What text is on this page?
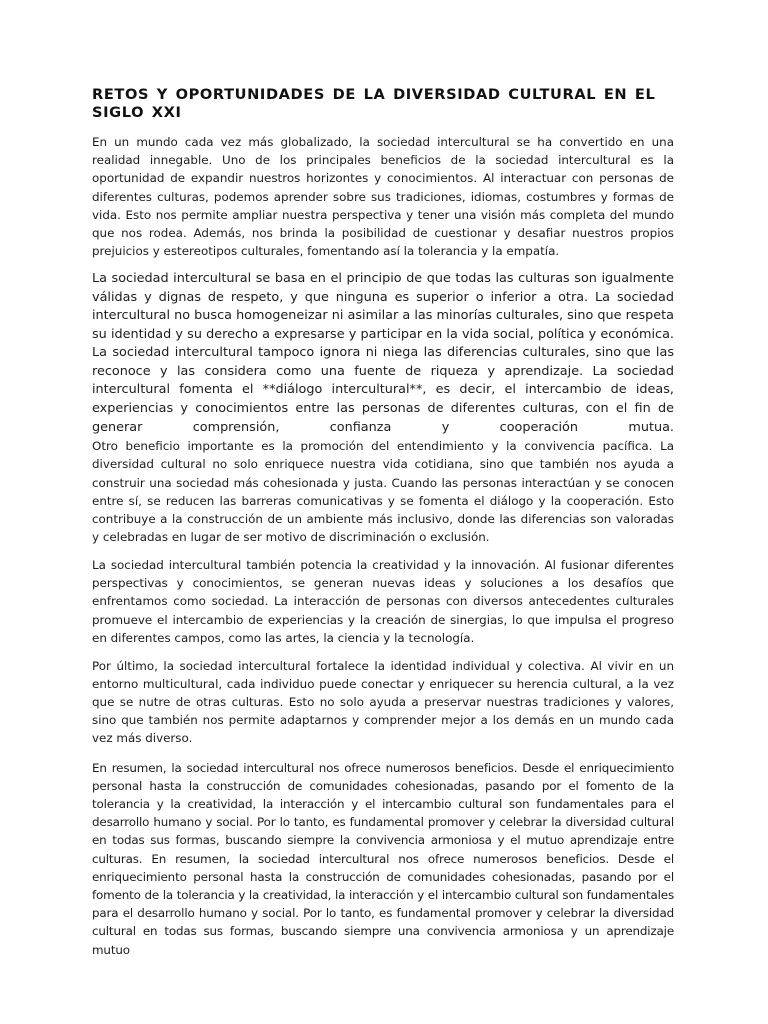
RETOS Y OPORTUNIDADES DE LA DIVERSIDAD CULTURAL EN EL SIGLO XXI

En un mundo cada vez más globalizado, la sociedad intercultural se ha convertido en una realidad innegable. Uno de los principales beneficios de la sociedad intercultural es la oportunidad de expandir nuestros horizontes y conocimientos. Al interactuar con personas de diferentes culturas, podemos aprender sobre sus tradiciones, idiomas, costumbres y formas de vida. Esto nos permite ampliar nuestra perspectiva y tener una visión más completa del mundo que nos rodea. Además, nos brinda la posibilidad de cuestionar y desafiar nuestros propios prejuicios y estereotipos culturales, fomentando así la tolerancia y la empatía.

La sociedad intercultural se basa en el principio de que todas las culturas son igualmente válidas y dignas de respeto, y que ninguna es superior o inferior a otra. La sociedad intercultural no busca homogeneizar ni asimilar a las minorías culturales, sino que respeta su identidad y su derecho a expresarse y participar en la vida social, política y económica. La sociedad intercultural tampoco ignora ni niega las diferencias culturales, sino que las reconoce y las considera como una fuente de riqueza y aprendizaje. La sociedad intercultural fomenta el **diálogo intercultural**, es decir, el intercambio de ideas, experiencias y conocimientos entre las personas de diferentes culturas, con el fin de generar comprensión, confianza y cooperación mutua.

Otro beneficio importante es la promoción del entendimiento y la convivencia pacífica. La diversidad cultural no solo enriquece nuestra vida cotidiana, sino que también nos ayuda a construir una sociedad más cohesionada y justa. Cuando las personas interactúan y se conocen entre sí, se reducen las barreras comunicativas y se fomenta el diálogo y la cooperación. Esto contribuye a la construcción de un ambiente más inclusivo, donde las diferencias son valoradas y celebradas en lugar de ser motivo de discriminación o exclusión.

La sociedad intercultural también potencia la creatividad y la innovación. Al fusionar diferentes perspectivas y conocimientos, se generan nuevas ideas y soluciones a los desafíos que enfrentamos como sociedad. La interacción de personas con diversos antecedentes culturales promueve el intercambio de experiencias y la creación de sinergias, lo que impulsa el progreso en diferentes campos, como las artes, la ciencia y la tecnología.

Por último, la sociedad intercultural fortalece la identidad individual y colectiva. Al vivir en un entorno multicultural, cada individuo puede conectar y enriquecer su herencia cultural, a la vez que se nutre de otras culturas. Esto no solo ayuda a preservar nuestras tradiciones y valores, sino que también nos permite adaptarnos y comprender mejor a los demás en un mundo cada vez más diverso.

En resumen, la sociedad intercultural nos ofrece numerosos beneficios. Desde el enriquecimiento personal hasta la construcción de comunidades cohesionadas, pasando por el fomento de la tolerancia y la creatividad, la interacción y el intercambio cultural son fundamentales para el desarrollo humano y social. Por lo tanto, es fundamental promover y celebrar la diversidad cultural en todas sus formas, buscando siempre la convivencia armoniosa y el mutuo aprendizaje entre culturas. En resumen, la sociedad intercultural nos ofrece numerosos beneficios. Desde el enriquecimiento personal hasta la construcción de comunidades cohesionadas, pasando por el fomento de la tolerancia y la creatividad, la interacción y el intercambio cultural son fundamentales para el desarrollo humano y social. Por lo tanto, es fundamental promover y celebrar la diversidad cultural en todas sus formas, buscando siempre una convivencia armoniosa y un aprendizaje mutuo
